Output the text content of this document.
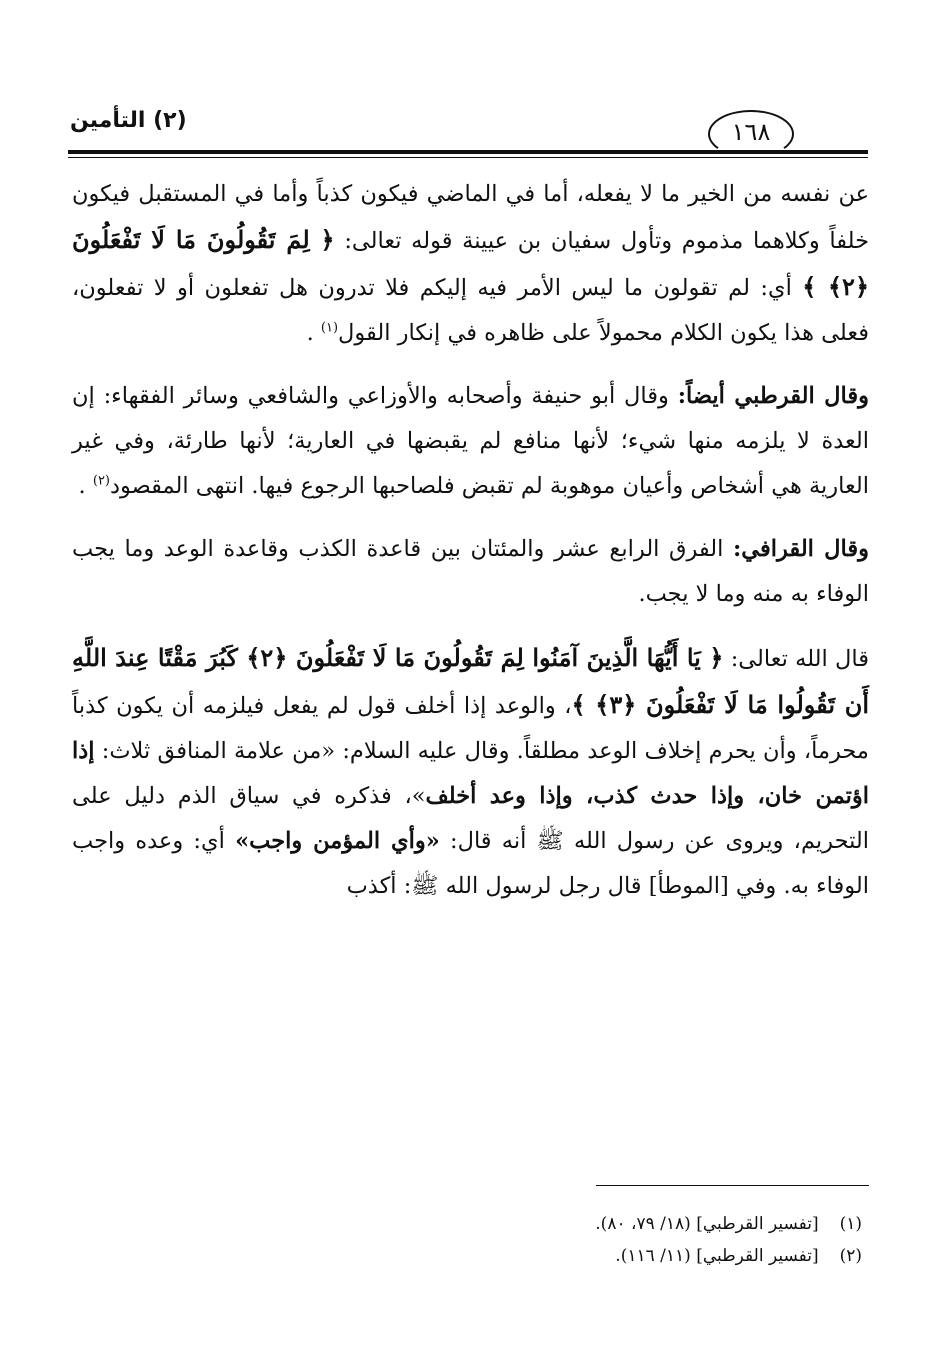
(٢) التأمين	١٦٨

عن نفسه من الخير ما لا يفعله، أما في الماضي فيكون كذباً وأما في المستقبل فيكون خلفاً وكلاهما مذموم وتأول سفيان بن عيينة قوله تعالى: ﴿ لِمَ تَقُولُونَ مَا لَا تَفْعَلُونَ ﴿٢﴾ ﴾ أي: لم تقولون ما ليس الأمر فيه إليكم فلا تدرون هل تفعلون أو لا تفعلون، فعلى هذا يكون الكلام محمولاً على ظاهره في إنكار القول$^{(١)}$ .

وقال القرطبي أيضاً: وقال أبو حنيفة وأصحابه والأوزاعي والشافعي وسائر الفقهاء: إن العدة لا يلزمه منها شيء؛ لأنها منافع لم يقبضها في العارية؛ لأنها طارئة، وفي غير العارية هي أشخاص وأعيان موهوبة لم تقبض فلصاحبها الرجوع فيها. انتهى المقصود$^{(٢)}$ .

وقال القرافي: الفرق الرابع عشر والمئتان بين قاعدة الكذب وقاعدة الوعد وما يجب الوفاء به منه وما لا يجب.

قال الله تعالى: ﴿ يَا أَيُّهَا الَّذِينَ آمَنُوا لِمَ تَقُولُونَ مَا لَا تَفْعَلُونَ ﴿٢﴾ كَبُرَ مَقْتًا عِندَ اللَّهِ أَن تَقُولُوا مَا لَا تَفْعَلُونَ ﴿٣﴾ ﴾، والوعد إذا أخلف قول لم يفعل فيلزمه أن يكون كذباً محرماً، وأن يحرم إخلاف الوعد مطلقاً. وقال عليه السلام: «من علامة المنافق ثلاث: إذا اؤتمن خان، وإذا حدث كذب، وإذا وعد أخلف»، فذكره في سياق الذم دليل على التحريم، ويروى عن رسول الله ﷺ أنه قال: «وأي المؤمن واجب» أي: وعده واجب الوفاء به. وفي [الموطأ] قال رجل لرسول الله ﷺ: أكذب

(١) [تفسير القرطبي] (١٨/ ٧٩، ٨٠).
(٢) [تفسير القرطبي] (١١/ ١١٦).
